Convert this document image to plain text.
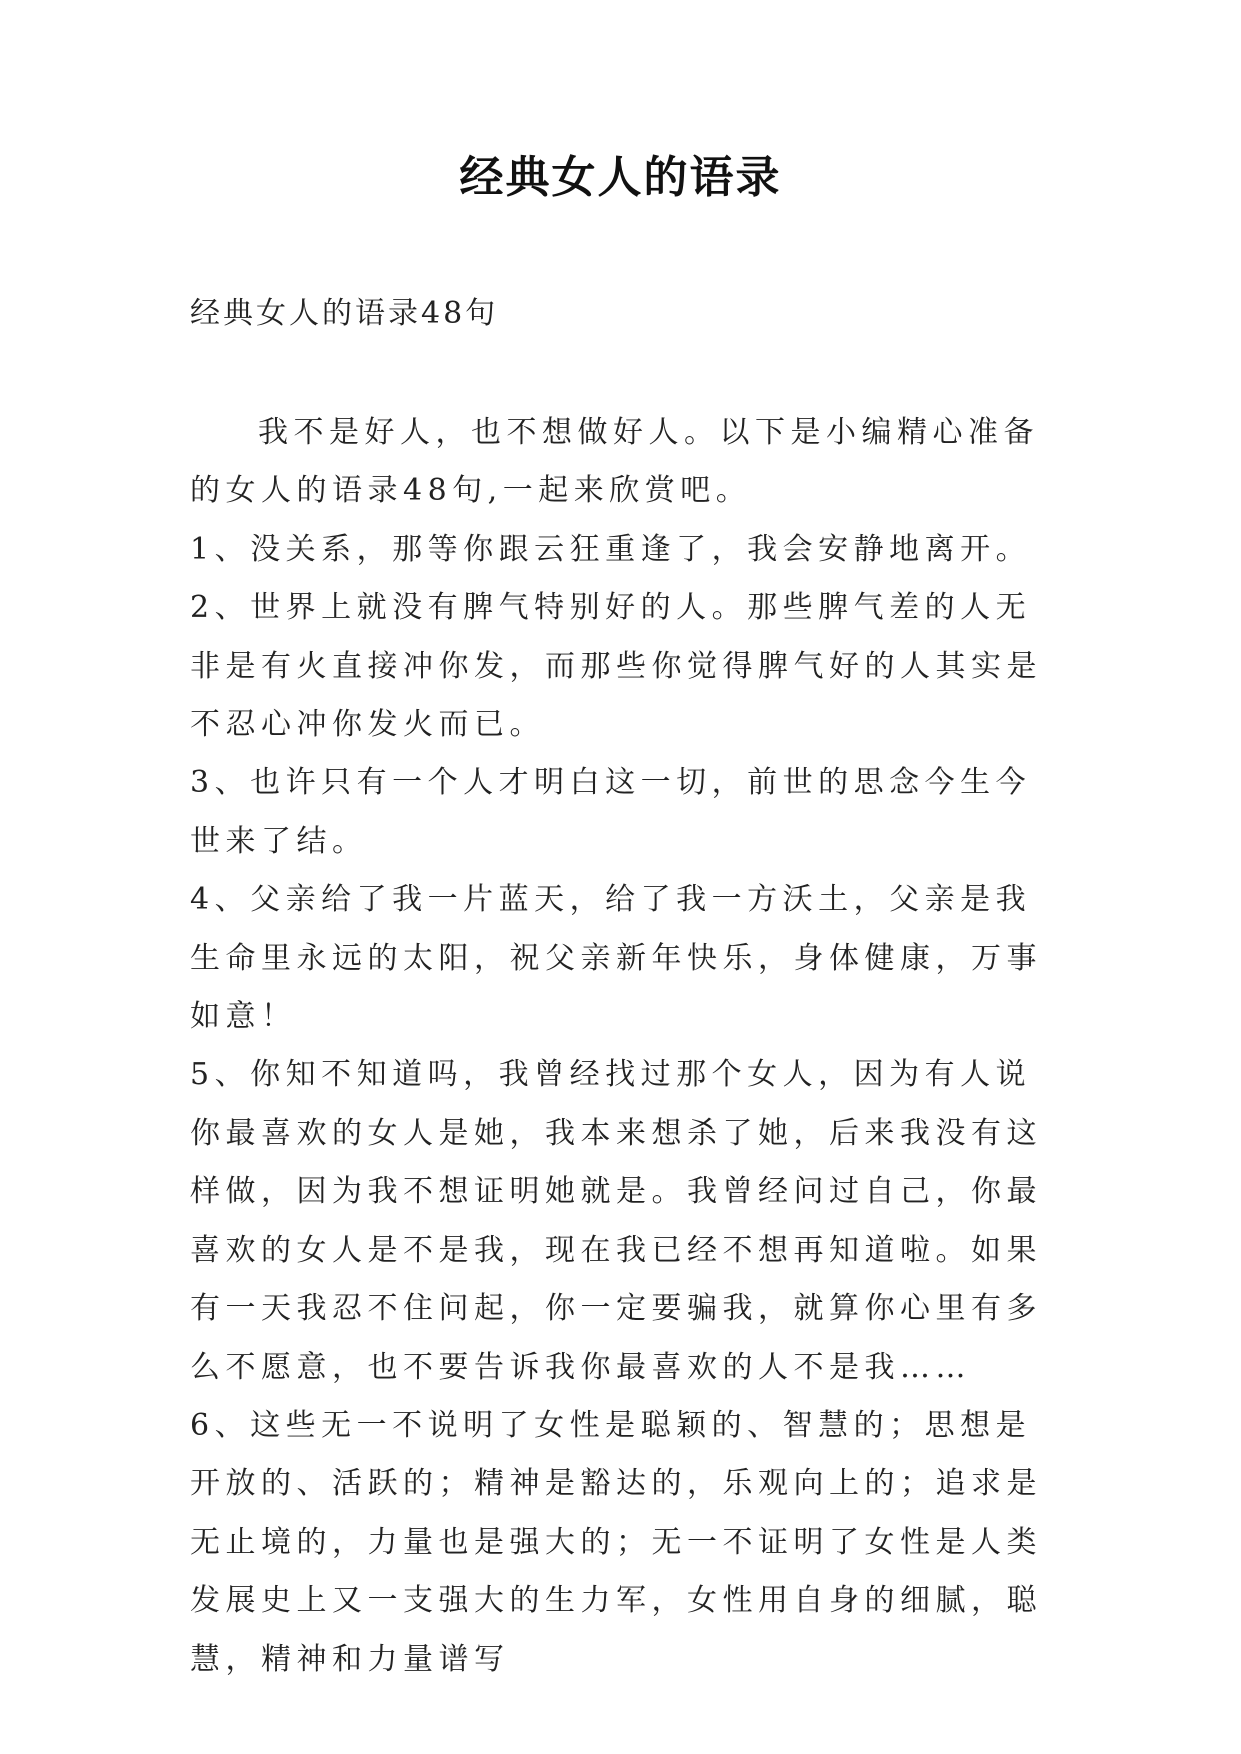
经典女人的语录
经典女人的语录48句

我不是好人，也不想做好人。以下是小编精心准备的女人的语录48句,一起来欣赏吧。

1、没关系，那等你跟云狂重逢了，我会安静地离开。

2、世界上就没有脾气特别好的人。那些脾气差的人无非是有火直接冲你发，而那些你觉得脾气好的人其实是不忍心冲你发火而已。

3、也许只有一个人才明白这一切，前世的思念今生今世来了结。

4、父亲给了我一片蓝天，给了我一方沃土，父亲是我生命里永远的太阳，祝父亲新年快乐，身体健康，万事如意！

5、你知不知道吗，我曾经找过那个女人，因为有人说你最喜欢的女人是她，我本来想杀了她，后来我没有这样做，因为我不想证明她就是。我曾经问过自己，你最喜欢的女人是不是我，现在我已经不想再知道啦。如果有一天我忍不住问起，你一定要骗我，就算你心里有多么不愿意，也不要告诉我你最喜欢的人不是我……

6、这些无一不说明了女性是聪颖的、智慧的；思想是开放的、活跃的；精神是豁达的，乐观向上的；追求是无止境的，力量也是强大的；无一不证明了女性是人类发展史上又一支强大的生力军，女性用自身的细腻，聪慧，精神和力量谱写
